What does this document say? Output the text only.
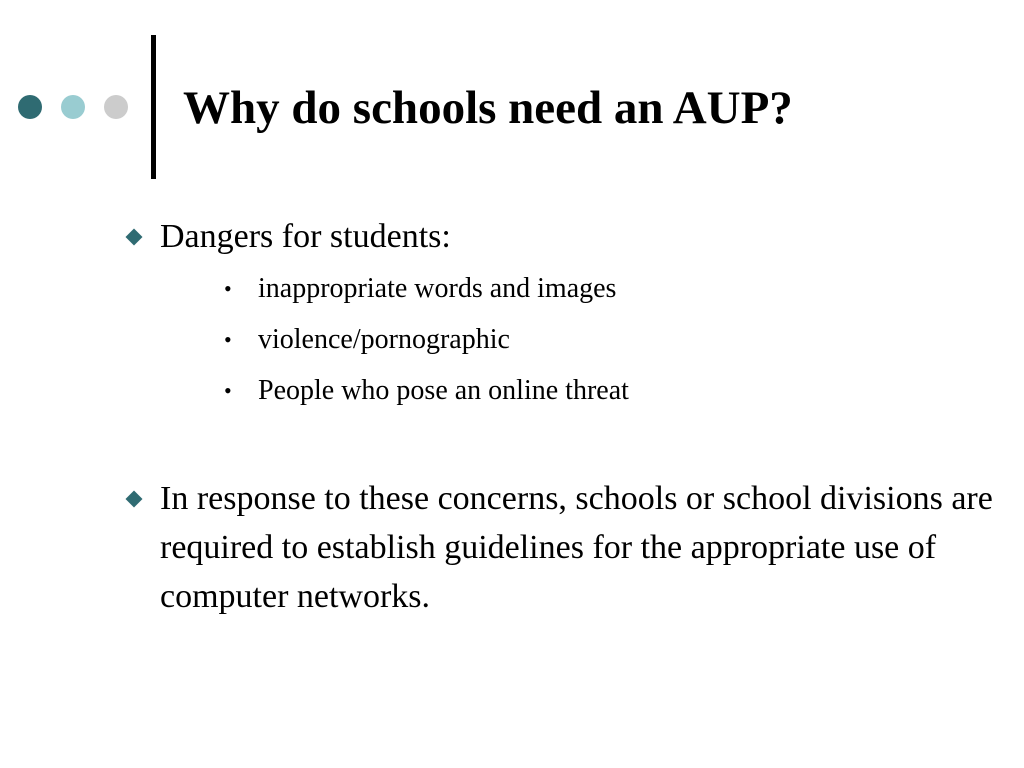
Why do schools need an AUP?

Dangers for students:

• inappropriate words and images

• violence/pornographic

• People who pose an online threat

In response to these concerns, schools or school divisions are required to establish guidelines for the appropriate use of computer networks.
